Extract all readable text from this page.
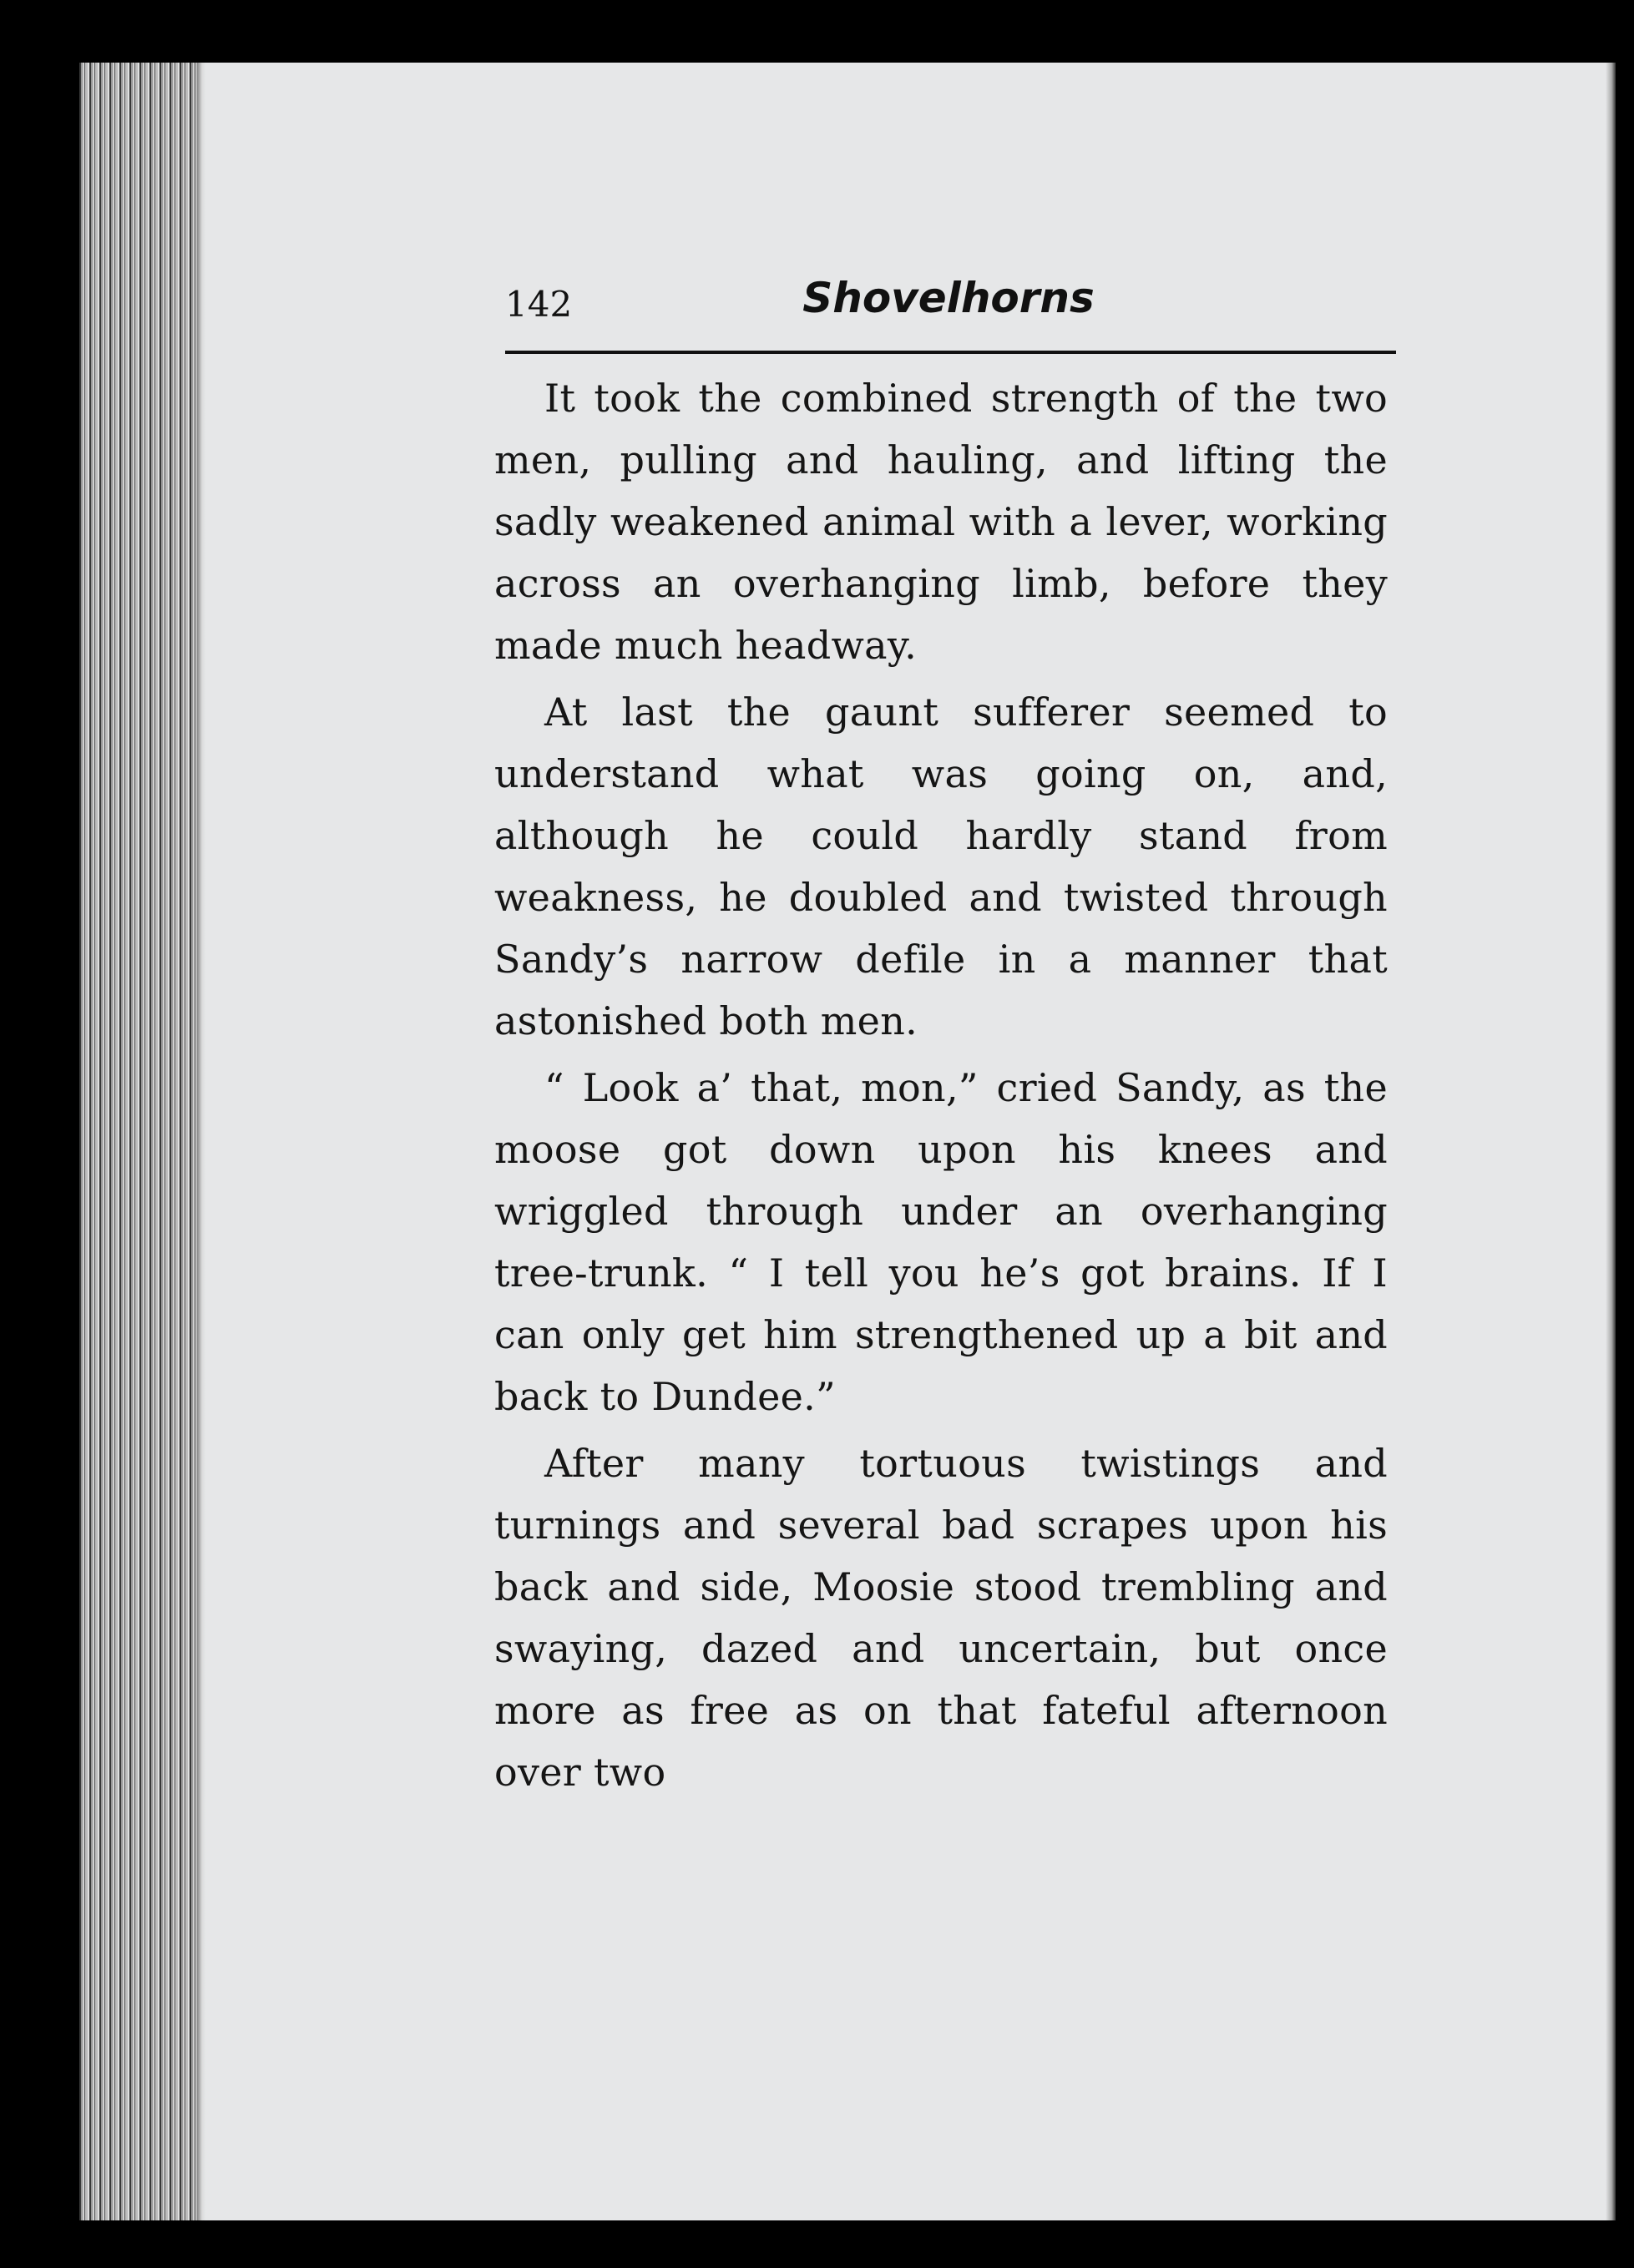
142	Shovelhorns

It took the combined strength of the two men, pulling and hauling, and lifting the sadly weakened animal with a lever, working across an overhanging limb, before they made much headway.

At last the gaunt sufferer seemed to understand what was going on, and, although he could hardly stand from weakness, he doubled and twisted through Sandy’s narrow defile in a manner that astonished both men.

“ Look a’ that, mon,” cried Sandy, as the moose got down upon his knees and wriggled through under an overhanging tree-trunk. “ I tell you he’s got brains. If I can only get him strengthened up a bit and back to Dundee.”

After many tortuous twistings and turnings and several bad scrapes upon his back and side, Moosie stood trembling and swaying, dazed and uncertain, but once more as free as on that fateful afternoon over two
